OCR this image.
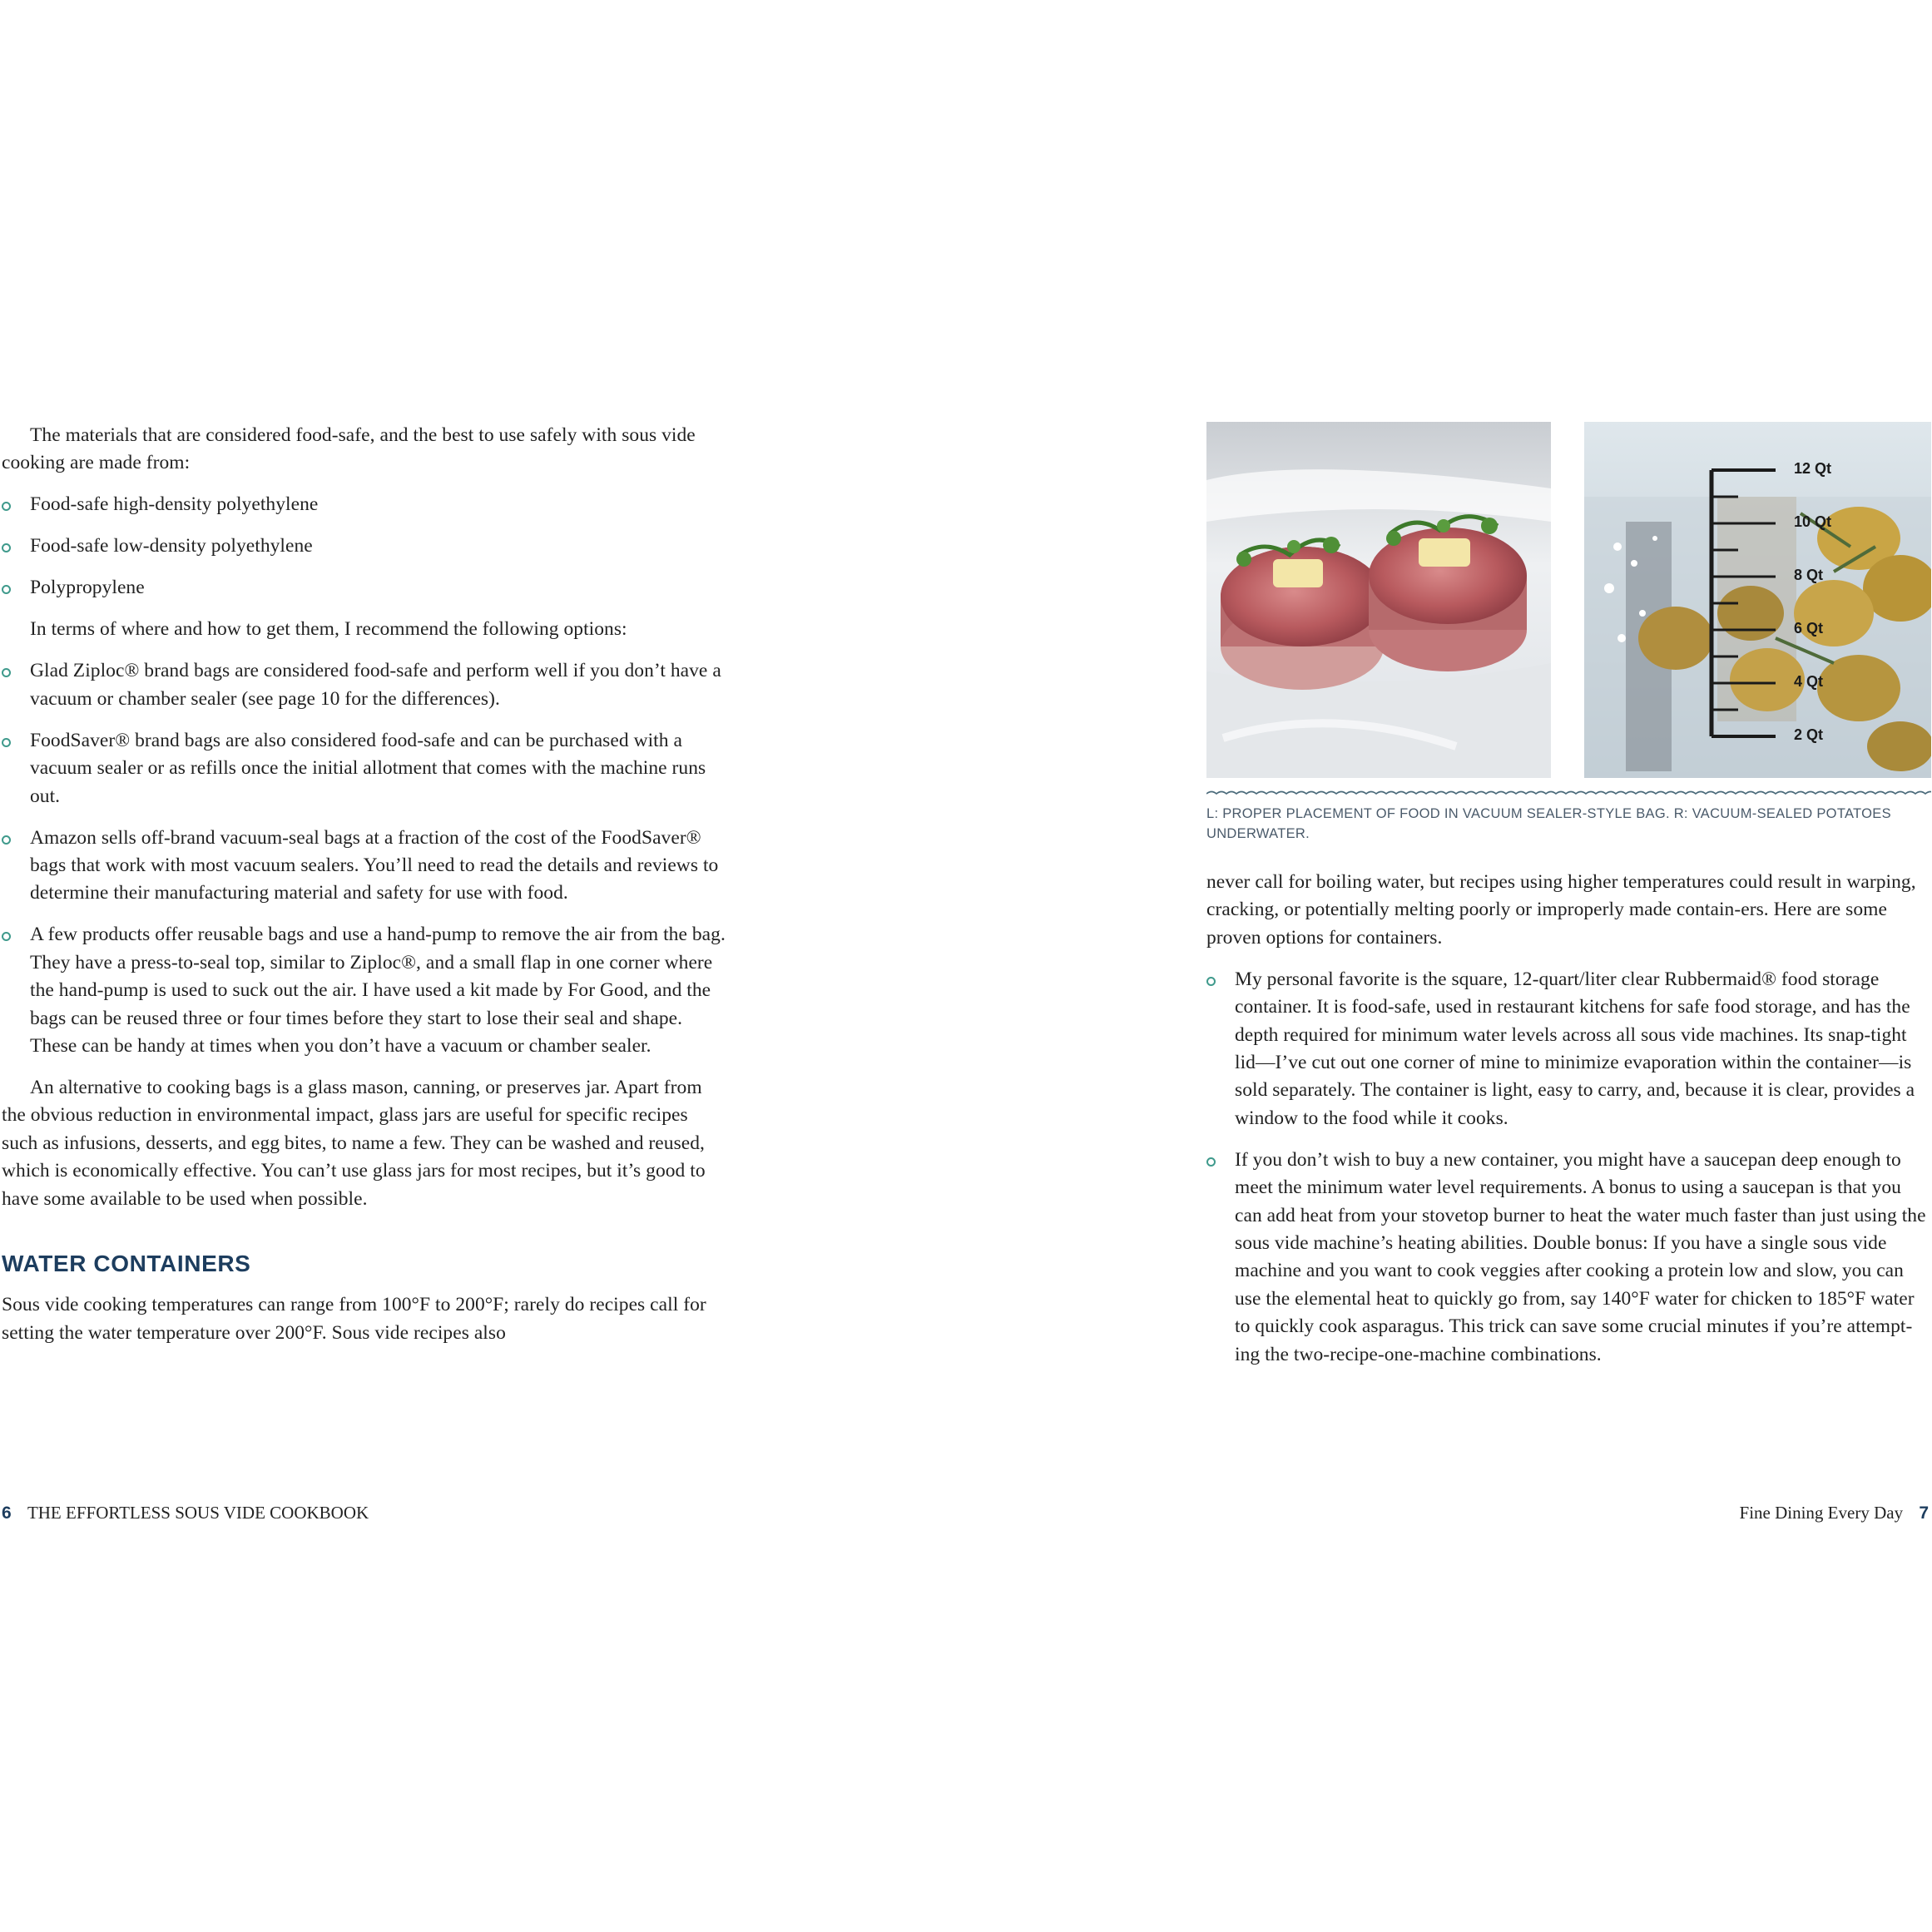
The materials that are considered food-safe, and the best to use safely with sous vide cooking are made from:

Food-safe high-density polyethylene
Food-safe low-density polyethylene
Polypropylene

In terms of where and how to get them, I recommend the following options:

Glad Ziploc® brand bags are considered food-safe and perform well if you don’t have a vacuum or chamber sealer (see page 10 for the differences).
FoodSaver® brand bags are also considered food-safe and can be purchased with a vacuum sealer or as refills once the initial allotment that comes with the machine runs out.
Amazon sells off-brand vacuum-seal bags at a fraction of the cost of the FoodSaver® bags that work with most vacuum sealers. You’ll need to read the details and reviews to determine their manufacturing material and safety for use with food.
A few products offer reusable bags and use a hand-pump to remove the air from the bag. They have a press-to-seal top, similar to Ziploc®, and a small flap in one corner where the hand-pump is used to suck out the air. I have used a kit made by For Good, and the bags can be reused three or four times before they start to lose their seal and shape. These can be handy at times when you don’t have a vacuum or chamber sealer.

An alternative to cooking bags is a glass mason, canning, or preserves jar. Apart from the obvious reduction in environmental impact, glass jars are useful for specific recipes such as infusions, desserts, and egg bites, to name a few. They can be washed and reused, which is economically effective. You can’t use glass jars for most recipes, but it’s good to have some available to be used when possible.

WATER CONTAINERS

Sous vide cooking temperatures can range from 100°F to 200°F; rarely do recipes call for setting the water temperature over 200°F. Sous vide recipes also

6 THE EFFORTLESS SOUS VIDE COOKBOOK
12 Qt
10 Qt
8 Qt
6 Qt
4 Qt
2 Qt
L: PROPER PLACEMENT OF FOOD IN VACUUM SEALER-STYLE BAG. R: VACUUM-SEALED POTATOES UNDERWATER.

never call for boiling water, but recipes using higher temperatures could result in warping, cracking, or potentially melting poorly or improperly made contain-ers. Here are some proven options for containers.

My personal favorite is the square, 12-quart/liter clear Rubbermaid® food storage container. It is food-safe, used in restaurant kitchens for safe food storage, and has the depth required for minimum water levels across all sous vide machines. Its snap-tight lid—I’ve cut out one corner of mine to minimize evaporation within the container—is sold separately. The container is light, easy to carry, and, because it is clear, provides a window to the food while it cooks.
If you don’t wish to buy a new container, you might have a saucepan deep enough to meet the minimum water level requirements. A bonus to using a saucepan is that you can add heat from your stovetop burner to heat the water much faster than just using the sous vide machine’s heating abilities. Double bonus: If you have a single sous vide machine and you want to cook veggies after cooking a protein low and slow, you can use the elemental heat to quickly go from, say 140°F water for chicken to 185°F water to quickly cook asparagus. This trick can save some crucial minutes if you’re attempt-ing the two-recipe-one-machine combinations.
Fine Dining Every Day 7
